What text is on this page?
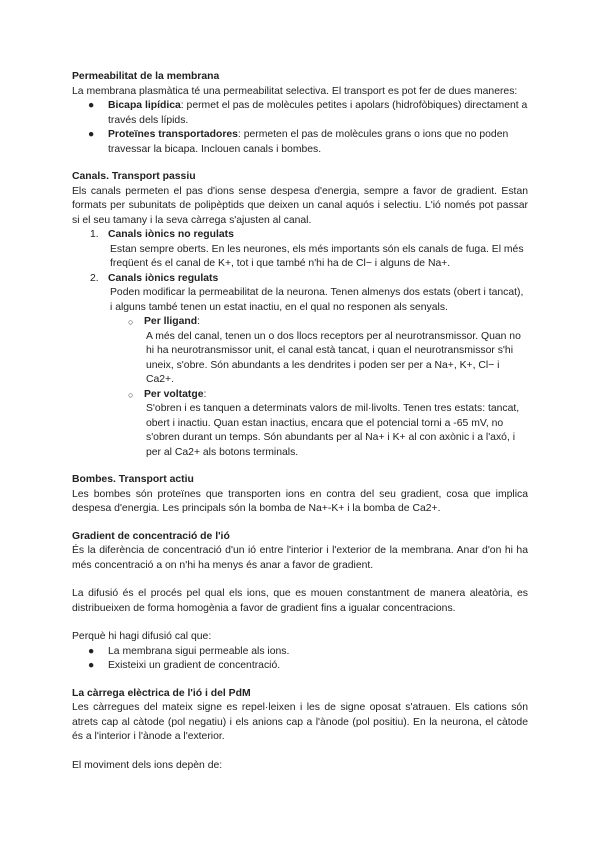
Permeabilitat de la membrana

La membrana plasmàtica té una permeabilitat selectiva. El transport es pot fer de dues maneres:

● Bicapa lipídica: permet el pas de molècules petites i apolars (hidrofòbiques) directament a través dels lípids.
● Proteïnes transportadores: permeten el pas de molècules grans o ions que no poden travessar la bicapa. Inclouen canals i bombes.

Canals. Transport passiu

Els canals permeten el pas d'ions sense despesa d'energia, sempre a favor de gradient. Estan formats per subunitats de polipèptids que deixen un canal aquós i selectiu. L'ió només pot passar si el seu tamany i la seva càrrega s'ajusten al canal.

1. Canals iònics no regulats
Estan sempre oberts. En les neurones, els més importants són els canals de fuga. El més freqüent és el canal de K+, tot i que també n'hi ha de Cl− i alguns de Na+.
2. Canals iònics regulats
Poden modificar la permeabilitat de la neurona. Tenen almenys dos estats (obert i tancat), i alguns també tenen un estat inactiu, en el qual no responen als senyals.
○ Per lligand:
A més del canal, tenen un o dos llocs receptors per al neurotransmissor. Quan no hi ha neurotransmissor unit, el canal està tancat, i quan el neurotransmissor s'hi uneix, s'obre. Són abundants a les dendrites i poden ser per a Na+, K+, Cl− i Ca2+.
○ Per voltatge:
S'obren i es tanquen a determinats valors de mil·livolts. Tenen tres estats: tancat, obert i inactiu. Quan estan inactius, encara que el potencial torni a -65 mV, no s'obren durant un temps. Són abundants per al Na+ i K+ al con axònic i a l'axó, i per al Ca2+ als botons terminals.

Bombes. Transport actiu

Les bombes són proteïnes que transporten ions en contra del seu gradient, cosa que implica despesa d'energia. Les principals són la bomba de Na+-K+ i la bomba de Ca2+.

Gradient de concentració de l'ió

És la diferència de concentració d'un ió entre l'interior i l'exterior de la membrana. Anar d'on hi ha més concentració a on n'hi ha menys és anar a favor de gradient.

La difusió és el procés pel qual els ions, que es mouen constantment de manera aleatòria, es distribueixen de forma homogènia a favor de gradient fins a igualar concentracions.

Perquè hi hagi difusió cal que:

● La membrana sigui permeable als ions.
● Existeixi un gradient de concentració.

La càrrega elèctrica de l'ió i del PdM

Les càrregues del mateix signe es repel·leixen i les de signe oposat s'atrauen. Els cations són atrets cap al càtode (pol negatiu) i els anions cap a l'ànode (pol positiu). En la neurona, el càtode és a l'interior i l'ànode a l'exterior.

El moviment dels ions depèn de:
